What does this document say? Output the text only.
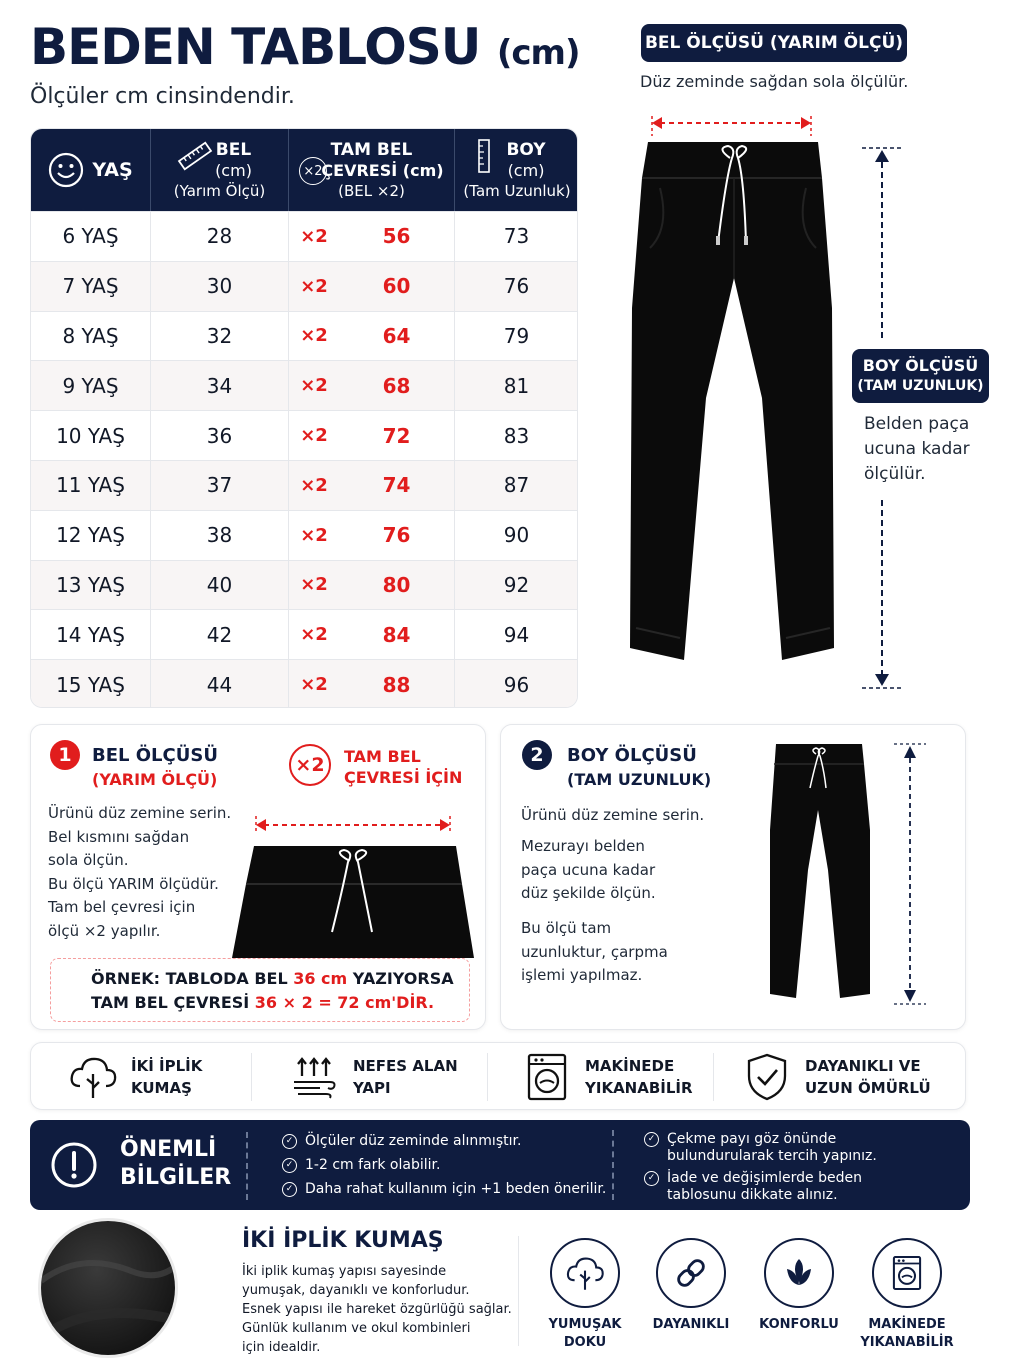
BEDEN TABLOSU (cm)
Ölçüler cm cinsindendir.
YAŞ
BEL
(cm)
(Yarım Ölçü)
×2
TAM BEL
ÇEVRESİ (cm)
(BEL ×2)
BOY
(cm)
(Tam Uzunluk)
6 YAŞ	28	×2	56	73
7 YAŞ	30	×2	60	76
8 YAŞ	32	×2	64	79
9 YAŞ	34	×2	68	81
10 YAŞ	36	×2	72	83
11 YAŞ	37	×2	74	87
12 YAŞ	38	×2	76	90
13 YAŞ	40	×2	80	92
14 YAŞ	42	×2	84	94
15 YAŞ	44	×2	88	96
BEL ÖLÇÜSÜ (YARIM ÖLÇÜ)
Düz zeminde sağdan sola ölçülür.
BOY ÖLÇÜSÜ
(TAM UZUNLUK)
Belden paça
ucuna kadar
ölçülür.
1	BEL ÖLÇÜSÜ
(YARIM ÖLÇÜ)
×2	TAM BEL
ÇEVRESİ İÇİN
Ürünü düz zemine serin.
Bel kısmını sağdan
sola ölçün.
Bu ölçü YARIM ölçüdür.
Tam bel çevresi için
ölçü ×2 yapılır.
ÖRNEK: TABLODA BEL 36 cm YAZIYORSA
TAM BEL ÇEVRESİ 36 × 2 = 72 cm'DİR.
2	BOY ÖLÇÜSÜ
(TAM UZUNLUK)
Ürünü düz zemine serin.
Mezurayı belden
paça ucuna kadar
düz şekilde ölçün.
Bu ölçü tam
uzunluktur, çarpma
işlemi yapılmaz.
İKİ İPLİK
KUMAŞ
NEFES ALAN
YAPI
MAKİNEDE
YIKANABİLİR
DAYANIKLI VE
UZUN ÖMÜRLÜ
ÖNEMLİ
BİLGİLER
✓ Ölçüler düz zeminde alınmıştır.
✓ 1-2 cm fark olabilir.
✓ Daha rahat kullanım için +1 beden önerilir.
✓ Çekme payı göz önünde
bulundurularak tercih yapınız.
✓ İade ve değişimlerde beden
tablosunu dikkate alınız.
İKİ İPLİK KUMAŞ
İki iplik kumaş yapısı sayesinde
yumuşak, dayanıklı ve konforludur.
Esnek yapısı ile hareket özgürlüğü sağlar.
Günlük kullanım ve okul kombinleri
için idealdir.
YUMUŞAK
DOKU
DAYANIKLI	KONFORLU	MAKİNEDE
YIKANABİLİR
